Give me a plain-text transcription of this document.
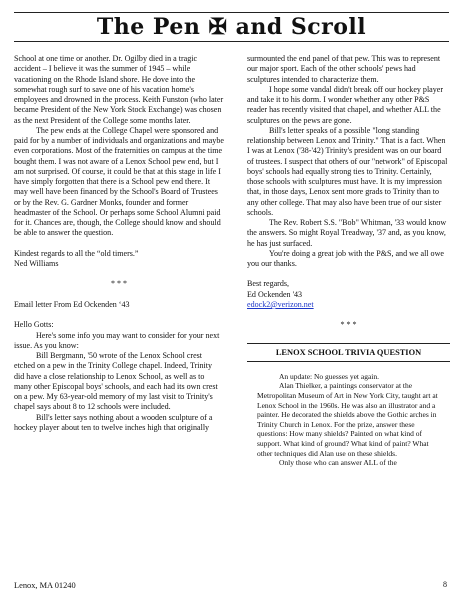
The Pen ✠ and Scroll

School at one time or another. Dr. Ogilby died in a tragic accident – I believe it was the summer of 1945 – while vacationing on the Rhode Island shore. He dove into the somewhat rough surf to save one of his vacation home's employees and drowned in the process. Keith Funston (who later became President of the New York Stock Exchange) was chosen as the next President of the College some months later.

The pew ends at the College Chapel were sponsored and paid for by a number of individuals and organizations and maybe even corporations. Most of the fraternities on campus at the time bought them. I was not aware of a Lenox School pew end, but I am not surprised. Of course, it could be that at this stage in life I have simply forgotten that there is a School pew end there. It may well have been financed by the School's Board of Trustees or by the Rev. G. Gardner Monks, founder and former headmaster of the School. Or perhaps some School Alumni paid for it. Chances are, though, the College should know and should be able to answer the question.

Kindest regards to all the “old timers.”

Ned Williams

* * *

Email letter From Ed Ockenden ‘43

Hello Gotts:

Here's some info you may want to consider for your next issue. As you know:

Bill Bergmann, '50 wrote of the Lenox School crest etched on a pew in the Trinity College chapel. Indeed, Trinity did have a close relationship to Lenox School, as well as to many other Episcopal boys' schools, and each had its own crest on a pew. My 63-year-old memory of my last visit to Trinity's chapel says about 8 to 12 schools were included.

Bill's letter says nothing about a wooden sculpture of a hockey player about ten to twelve inches high that originally

surmounted the end panel of that pew. This was to represent our major sport. Each of the other schools' pews had sculptures intended to characterize them.

I hope some vandal didn't break off our hockey player and take it to his dorm. I wonder whether any other P&S reader has recently visited that chapel, and whether ALL the sculptures on the pews are gone.

Bill's letter speaks of a possible "long standing relationship between Lenox and Trinity." That is a fact. When I was at Lenox ('38-'42) Trinity's president was on our board of trustees. I suspect that others of our "network" of Episcopal boys' schools had equally strong ties to Trinity. Certainly, those schools with sculptures must have. It is my impression that, in those days, Lenox sent more grads to Trinity than to any other college. That may also have been true of our sister schools.

The Rev. Robert S.S. "Bob" Whitman, '33 would know the answers. So might Royal Treadway, '37 and, as you know, he has just surfaced.

You're doing a great job with the P&S, and we all owe you our thanks.

Best regards,

Ed Ockenden '43

edock2@verizon.net

* * *

LENOX SCHOOL TRIVIA QUESTION

An update: No guesses yet again.

Alan Thielker, a paintings conservator at the Metropolitan Museum of Art in New York City, taught art at Lenox School in the 1960s. He was also an illustrator and a painter. He decorated the shields above the Gothic arches in Trinity Church in Lenox. For the prize, answer these questions: How many shields? Painted on what kind of support. What kind of ground? What kind of paint? What other techniques did Alan use on these shields.

Only those who can answer ALL of the

Lenox, MA 01240	8
